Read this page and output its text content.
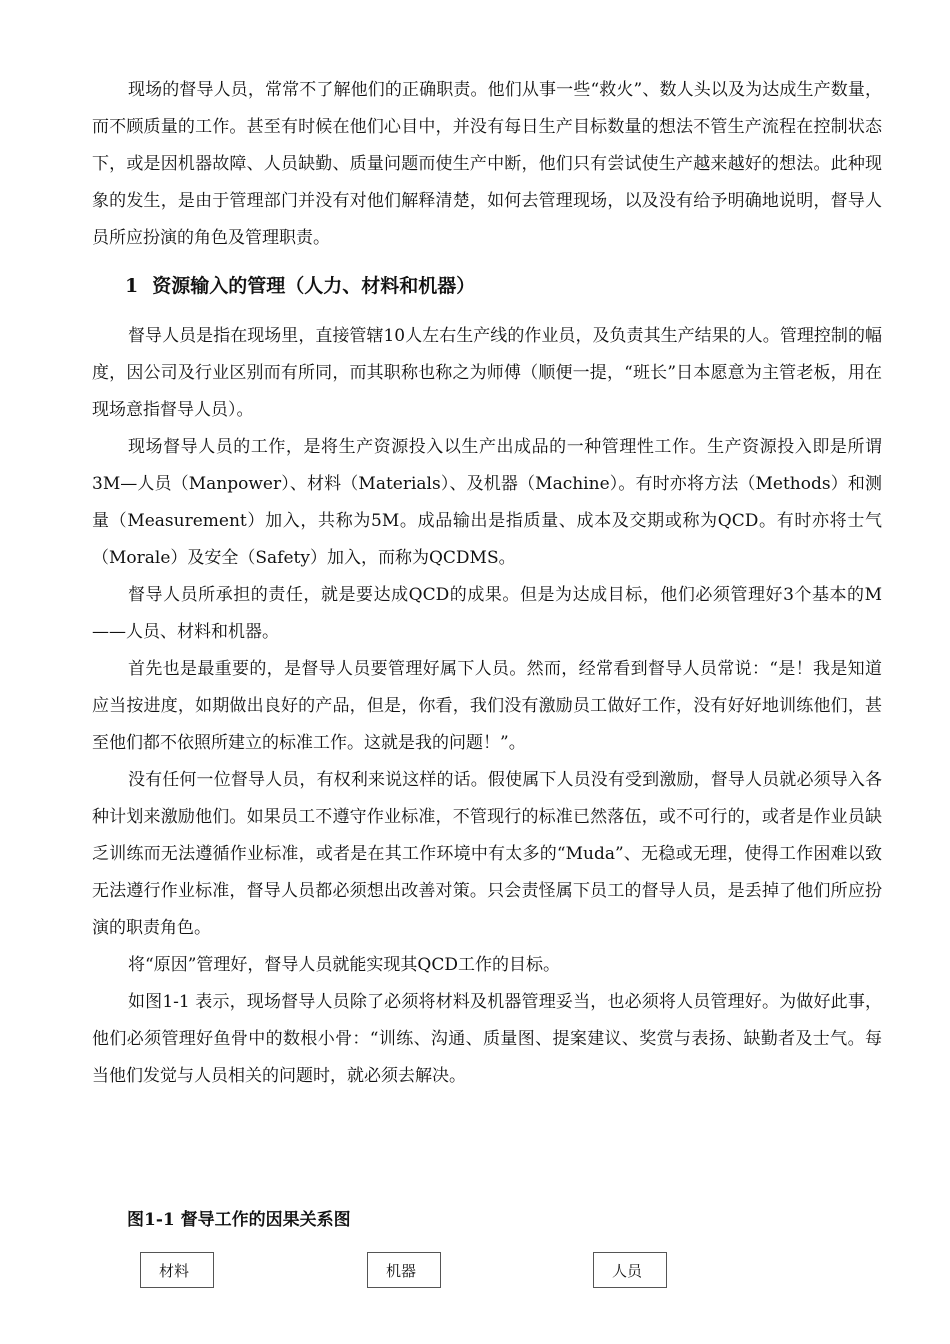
现场的督导人员，常常不了解他们的正确职责。他们从事一些“救火”、数人头以及为达成生产数量，而不顾质量的工作。甚至有时候在他们心目中，并没有每日生产目标数量的想法不管生产流程在控制状态下，或是因机器故障、人员缺勤、质量问题而使生产中断，他们只有尝试使生产越来越好的想法。此种现象的发生，是由于管理部门并没有对他们解释清楚，如何去管理现场，以及没有给予明确地说明，督导人员所应扮演的角色及管理职责。

1 资源输入的管理（人力、材料和机器）

督导人员是指在现场里，直接管辖10人左右生产线的作业员，及负责其生产结果的人。管理控制的幅度，因公司及行业区别而有所同，而其职称也称之为师傅（顺便一提，“班长”日本愿意为主管老板，用在现场意指督导人员）。

现场督导人员的工作，是将生产资源投入以生产出成品的一种管理性工作。生产资源投入即是所谓3M—人员（Manpower）、材料（Materials）、及机器（Machine）。有时亦将方法（Methods）和测量（Measurement）加入，共称为5M。成品输出是指质量、成本及交期或称为QCD。有时亦将士气（Morale）及安全（Safety）加入，而称为QCDMS。

督导人员所承担的责任，就是要达成QCD的成果。但是为达成目标，他们必须管理好3个基本的M——人员、材料和机器。

首先也是最重要的，是督导人员要管理好属下人员。然而，经常看到督导人员常说：“是！我是知道应当按进度，如期做出良好的产品，但是，你看，我们没有激励员工做好工作，没有好好地训练他们，甚至他们都不依照所建立的标准工作。这就是我的问题！”。

没有任何一位督导人员，有权利来说这样的话。假使属下人员没有受到激励，督导人员就必须导入各种计划来激励他们。如果员工不遵守作业标准，不管现行的标准已然落伍，或不可行的，或者是作业员缺乏训练而无法遵循作业标准，或者是在其工作环境中有太多的“Muda”、无稳或无理，使得工作困难以致无法遵行作业标准，督导人员都必须想出改善对策。只会责怪属下员工的督导人员，是丢掉了他们所应扮演的职责角色。

将“原因”管理好，督导人员就能实现其QCD工作的目标。

如图1-1 表示，现场督导人员除了必须将材料及机器管理妥当，也必须将人员管理好。为做好此事，他们必须管理好鱼骨中的数根小骨：“训练、沟通、质量图、提案建议、奖赏与表扬、缺勤者及士气。每当他们发觉与人员相关的问题时，就必须去解决。

图1-1 督导工作的因果关系图

材料	机器	人员
